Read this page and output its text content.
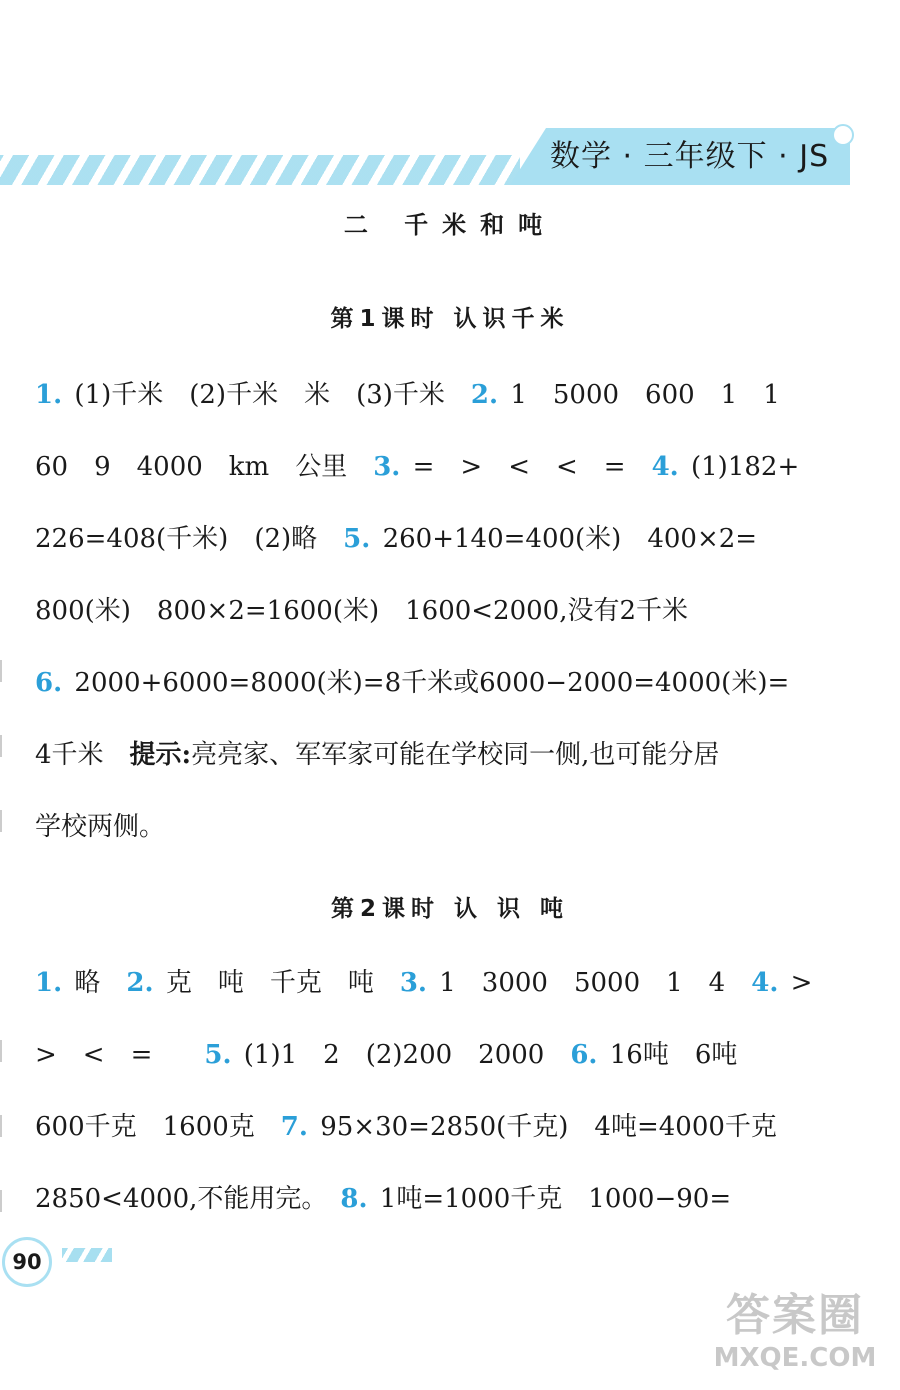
数学 · 三年级下 · JS
二 千米和吨
第1课时 认识千米
1. (1)千米　(2)千米　米　(3)千米　2. 1　5000　600　1　1
60　9　4000　km　公里　3. =　>　<　<　=　4. (1)182+
226=408(千米)　(2)略　5. 260+140=400(米)　400×2=
800(米)　800×2=1600(米)　1600<2000,没有2千米
6. 2000+6000=8000(米)=8千米或6000−2000=4000(米)=
4千米　提示:亮亮家、军军家可能在学校同一侧,也可能分居
学校两侧。
第2课时 认 识 吨
1. 略　2. 克　吨　千克　吨　3. 1　3000　5000　1　4　4. >
>　<　=　　5. (1)1　2　(2)200　2000　6. 16吨　6吨
600千克　1600克　7. 95×30=2850(千克)　4吨=4000千克
2850<4000,不能用完。　8. 1吨=1000千克　1000−90=
90
答案圈
MXQE.COM
